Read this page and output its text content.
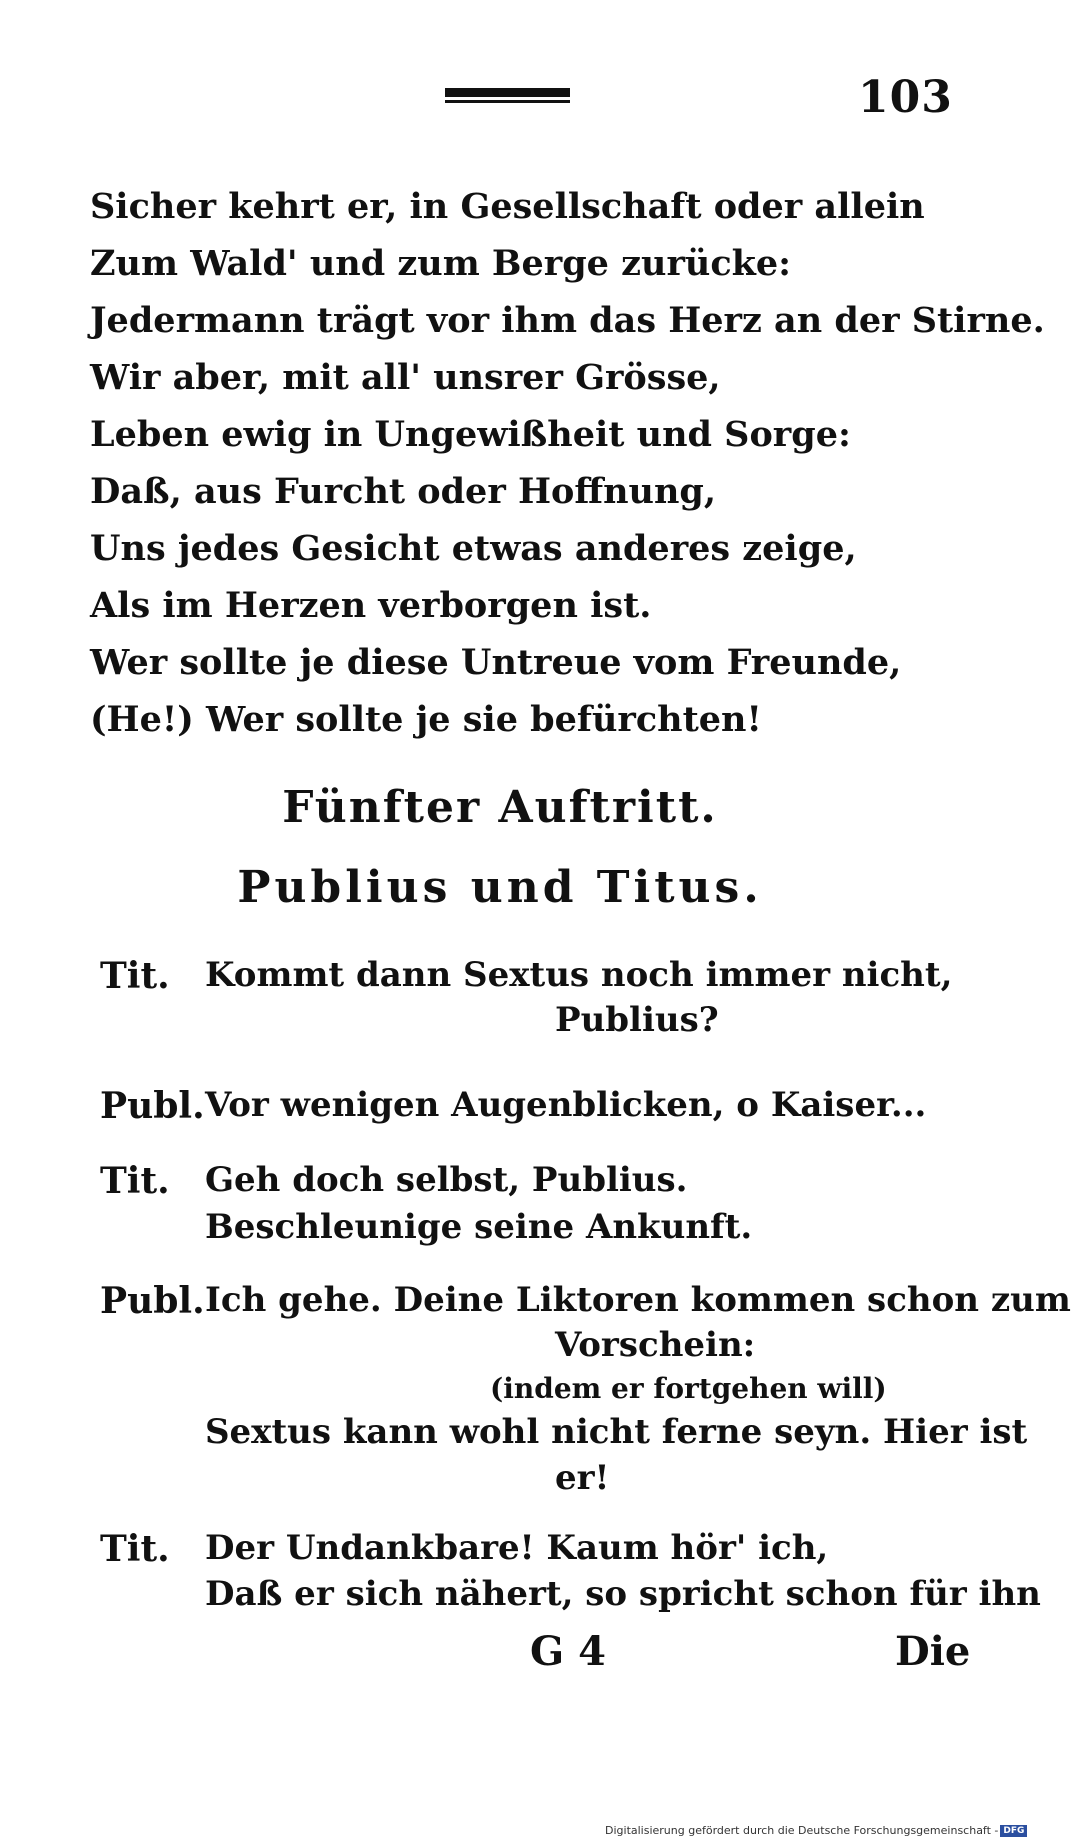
103
Sicher kehrt er, in Gesellschaft oder allein
Zum Wald' und zum Berge zurücke:
Jedermann trägt vor ihm das Herz an der Stirne.
Wir aber, mit all' unsrer Grösse,
Leben ewig in Ungewißheit und Sorge:
Daß, aus Furcht oder Hoffnung,
Uns jedes Gesicht etwas anderes zeige,
Als im Herzen verborgen ist.
Wer sollte je diese Untreue vom Freunde,
(He!) Wer sollte je sie befürchten!
Fünfter Auftritt.
Publius und Titus.
Tit. Kommt dann Sextus noch immer nicht,
Publius?
Publ. Vor wenigen Augenblicken, o Kaiser...
Tit. Geh doch selbst, Publius.
Beschleunige seine Ankunft.
Publ. Ich gehe. Deine Liktoren kommen schon zum
Vorschein:
(indem er fortgehen will)
Sextus kann wohl nicht ferne seyn. Hier ist
er!
Tit. Der Undankbare! Kaum hör' ich,
Daß er sich nähert, so spricht schon für ihn
G 4	Die
Digitalisierung gefördert durch die Deutsche Forschungsgemeinschaft - DFG
